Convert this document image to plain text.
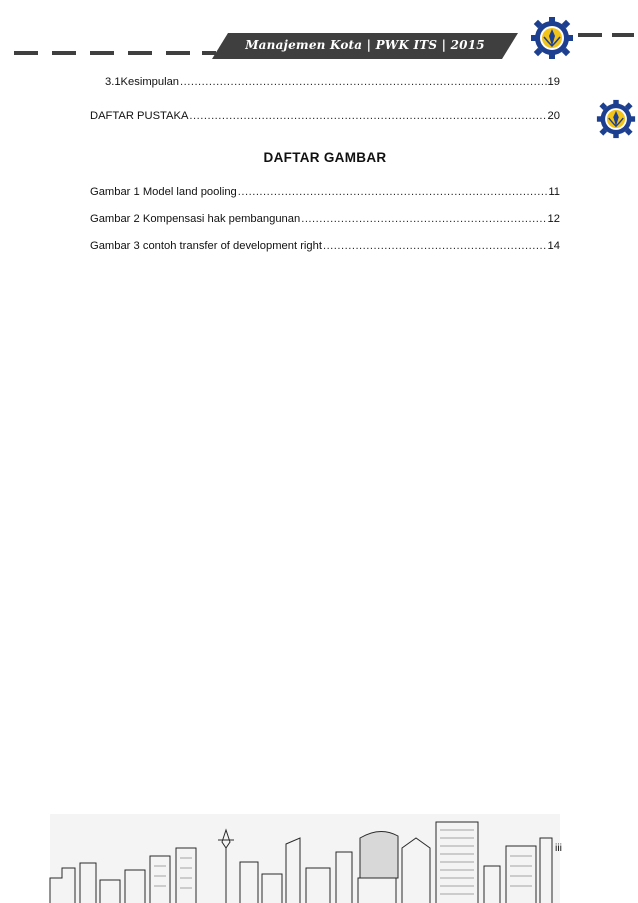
Manajemen Kota | PWK ITS | 2015
3.1Kesimpulan .....	19
DAFTAR PUSTAKA .....	20
DAFTAR GAMBAR
Gambar 1 Model land pooling .....	11
Gambar 2 Kompensasi hak pembangunan .....	12
Gambar 3 contoh transfer of development right .....	14
iii
